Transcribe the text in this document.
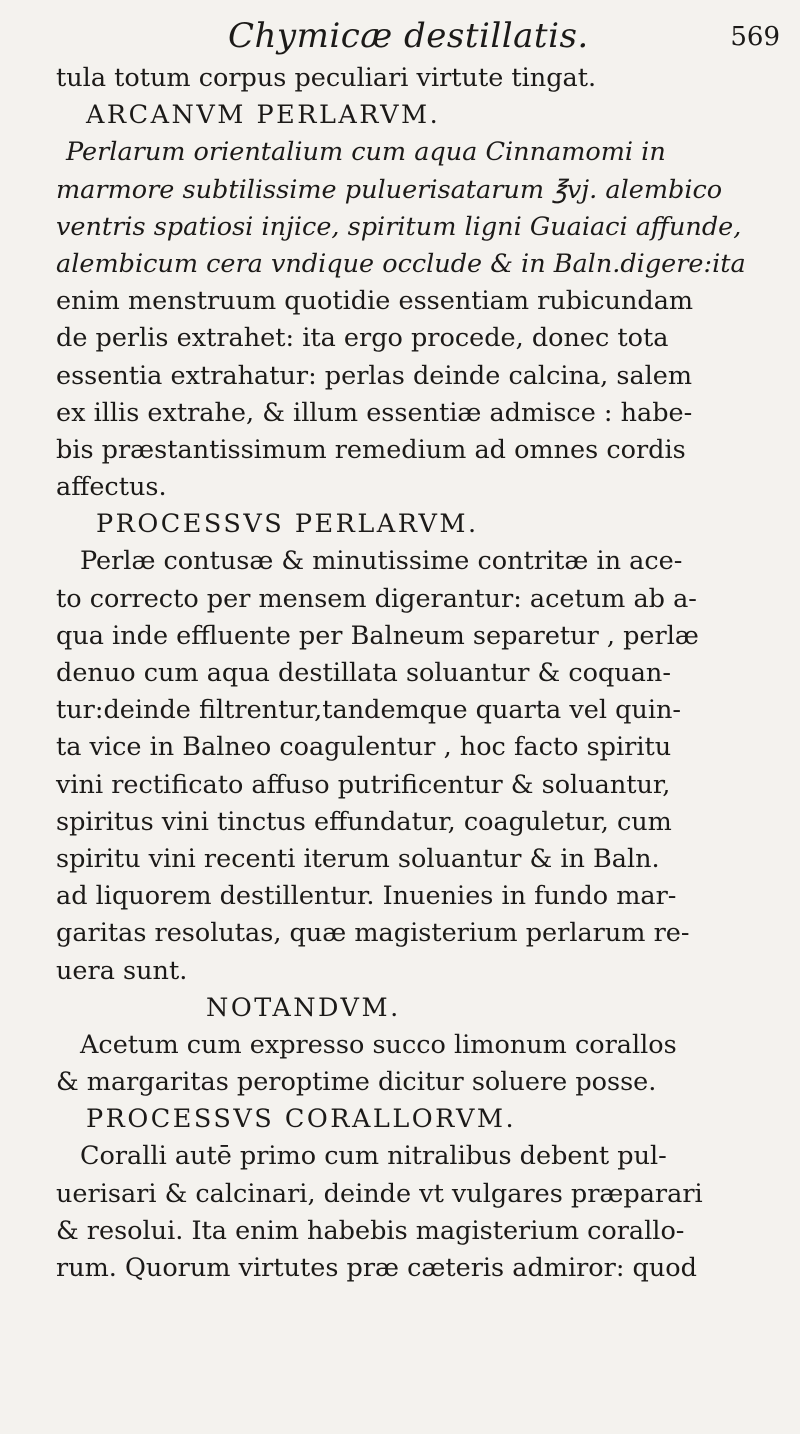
Chymicæ destillatis.	569
tula totum corpus peculiari virtute tingat.
ARCANVM PERLARVM.
Perlarum orientalium cum aqua Cinnamomi in
marmore subtilissime puluerisatarum ℥vj. alembico
ventris spatiosi injice, spiritum ligni Guaiaci affunde,
alembicum cera vndique occlude & in Baln.digere:ita
enim menstruum quotidie essentiam rubicundam
de perlis extrahet: ita ergo procede, donec tota
essentia extrahatur: perlas deinde calcina, salem
ex illis extrahe, & illum essentiæ admisce : habe-
bis præstantissimum remedium ad omnes cordis
affectus.
PROCESSVS PERLARVM.
Perlæ contusæ & minutissime contritæ in ace-
to correcto per mensem digerantur: acetum ab a-
qua inde effluente per Balneum separetur , perlæ
denuo cum aqua destillata soluantur & coquan-
tur:deinde filtrentur,tandemque quarta vel quin-
ta vice in Balneo coagulentur , hoc facto spiritu
vini rectificato affuso putrificentur & soluantur,
spiritus vini tinctus effundatur, coaguletur, cum
spiritu vini recenti iterum soluantur & in Baln.
ad liquorem destillentur. Inuenies in fundo mar-
garitas resolutas, quæ magisterium perlarum re-
uera sunt.
NOTANDVM.
Acetum cum expresso succo limonum corallos
& margaritas peroptime dicitur soluere posse.
PROCESSVS CORALLORVM.
Coralli autē primo cum nitralibus debent pul-
uerisari & calcinari, deinde vt vulgares præparari
& resolui. Ita enim habebis magisterium corallo-
rum. Quorum virtutes præ cæteris admiror: quod
